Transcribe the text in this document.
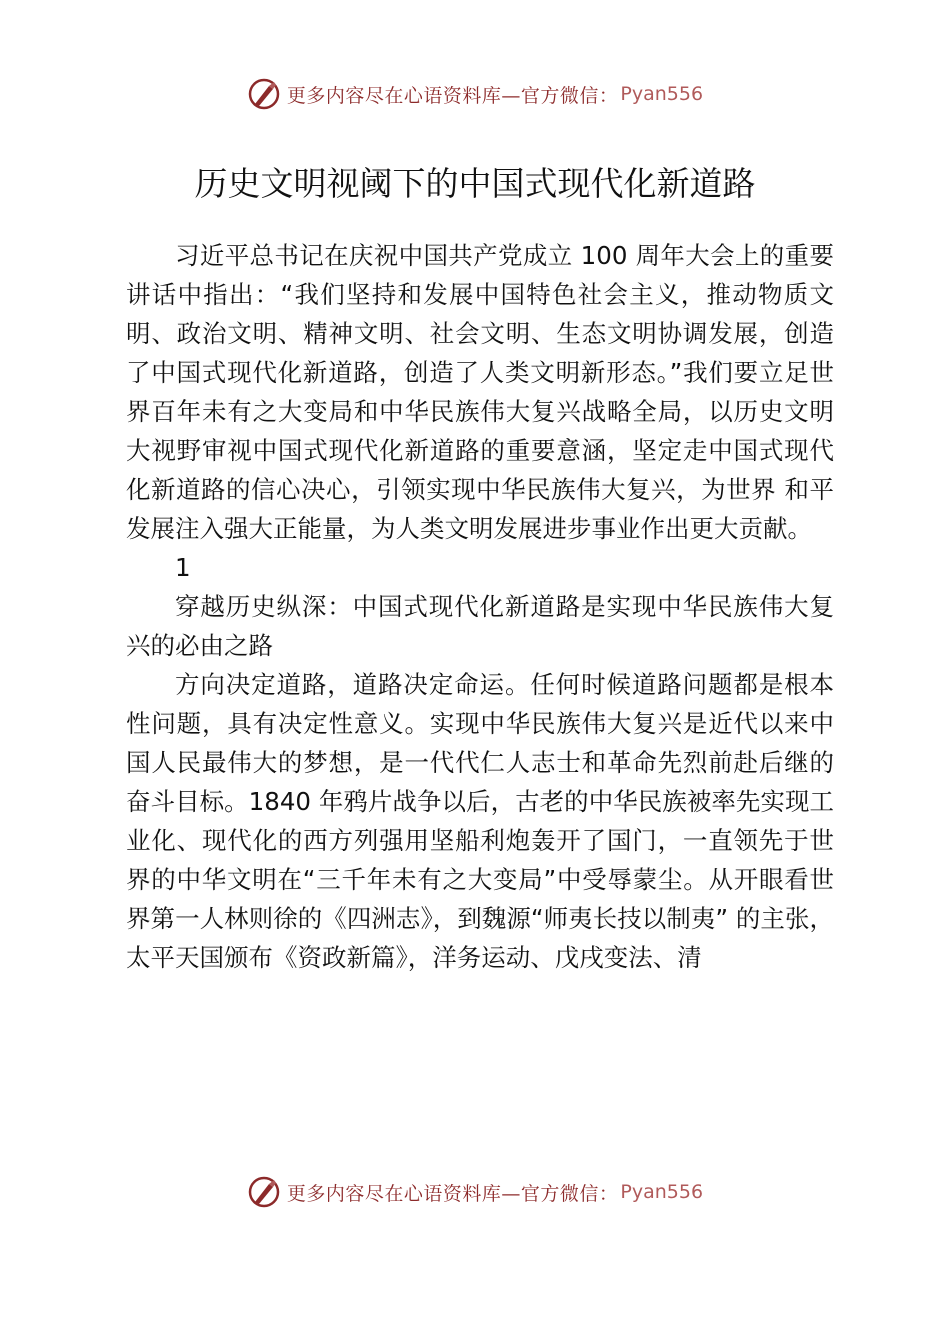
更多内容尽在心语资料库—官方微信： Pyan556
历史文明视阈下的中国式现代化新道路

习近平总书记在庆祝中国共产党成立 100 周年大会上的重要讲话中指出：“我们坚持和发展中国特色社会主义，推动物质文明、政治文明、精神文明、社会文明、生态文明协调发展，创造了中国式现代化新道路，创造了人类文明新形态。”我们要立足世界百年未有之大变局和中华民族伟大复兴战略全局，以历史文明大视野审视中国式现代化新道路的重要意涵，坚定走中国式现代化新道路的信心决心，引领实现中华民族伟大复兴，为世界 和平发展注入强大正能量，为人类文明发展进步事业作出更大贡献。

1

穿越历史纵深：中国式现代化新道路是实现中华民族伟大复兴的必由之路

方向决定道路，道路决定命运。任何时候道路问题都是根本 性问题，具有决定性意义。实现中华民族伟大复兴是近代以来中国人民最伟大的梦想，是一代代仁人志士和革命先烈前赴后继的奋斗目标。1840 年鸦片战争以后，古老的中华民族被率先实现工业化、现代化的西方列强用坚船利炮轰开了国门，一直领先于世界的中华文明在“三千年未有之大变局”中受辱蒙尘。从开眼看世界第一人林则徐的《四洲志》，到魏源“师夷长技以制夷” 的主张，太平天国颁布《资政新篇》，洋务运动、戊戌变法、清

更多内容尽在心语资料库—官方微信： Pyan556
